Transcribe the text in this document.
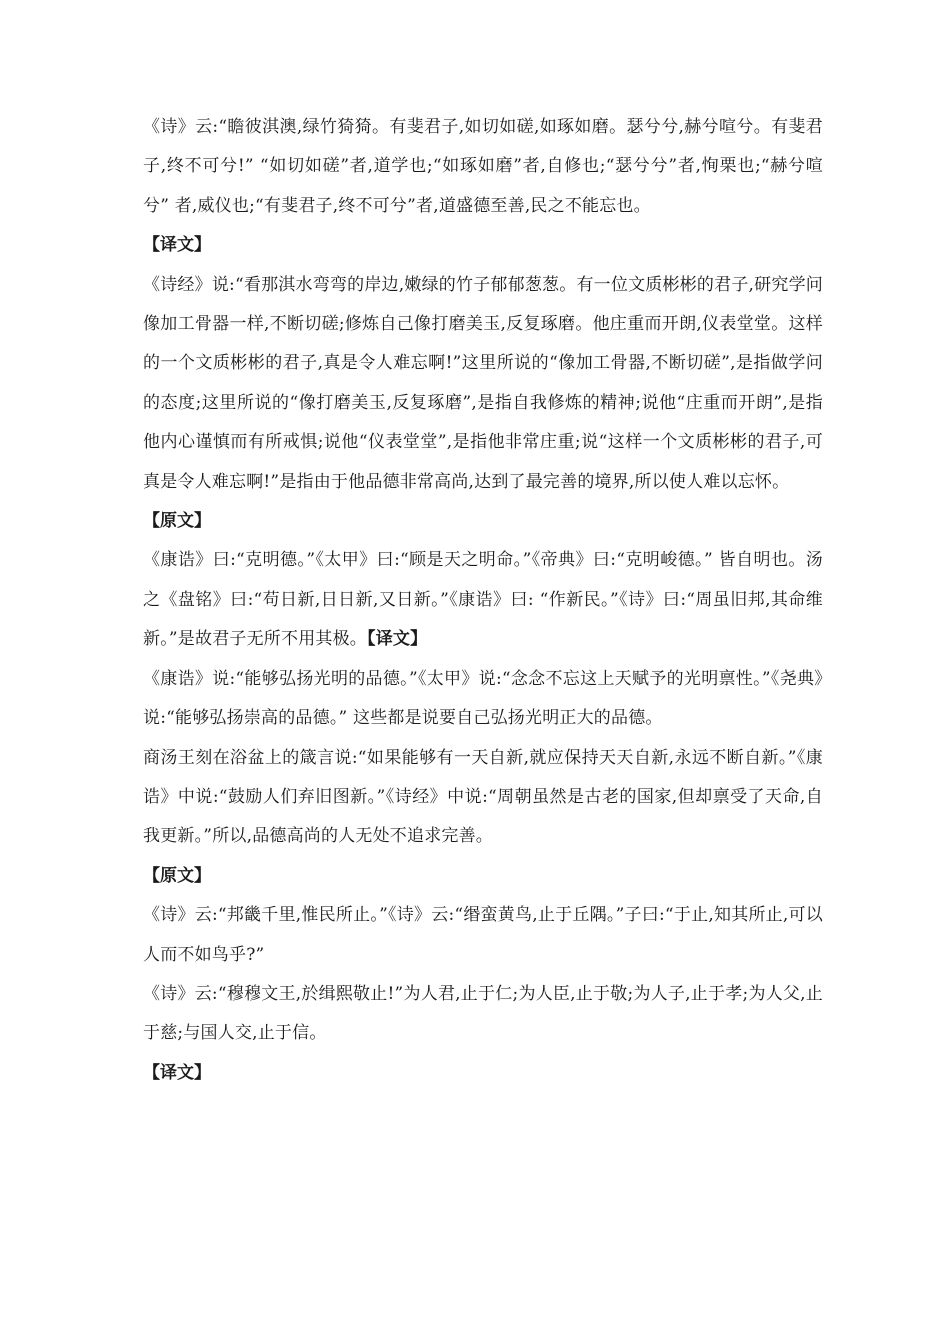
《诗》云:“瞻彼淇澳,绿竹猗猗。有斐君子,如切如磋,如琢如磨。瑟兮兮,赫兮喧兮。有斐君子,终不可兮!” “如切如磋”者,道学也;“如琢如磨”者,自修也;“瑟兮兮”者,恂栗也;“赫兮喧兮” 者,威仪也;“有斐君子,终不可兮”者,道盛德至善,民之不能忘也。

【译文】

《诗经》说:“看那淇水弯弯的岸边,嫩绿的竹子郁郁葱葱。有一位文质彬彬的君子,研究学问像加工骨器一样,不断切磋;修炼自己像打磨美玉,反复琢磨。他庄重而开朗,仪表堂堂。这样的一个文质彬彬的君子,真是令人难忘啊!”这里所说的“像加工骨器,不断切磋”,是指做学问的态度;这里所说的“像打磨美玉,反复琢磨”,是指自我修炼的精神;说他“庄重而开朗”,是指他内心谨慎而有所戒惧;说他“仪表堂堂”,是指他非常庄重;说“这样一个文质彬彬的君子,可真是令人难忘啊!”是指由于他品德非常高尚,达到了最完善的境界,所以使人难以忘怀。

【原文】

《康诰》曰:“克明德。”《太甲》曰:“顾是天之明命。”《帝典》曰:“克明峻德。” 皆自明也。汤之《盘铭》曰:“苟日新,日日新,又日新。”《康诰》曰: “作新民。”《诗》曰:“周虽旧邦,其命维新。”是故君子无所不用其极。【译文】

《康诰》说:“能够弘扬光明的品德。”《太甲》说:“念念不忘这上天赋予的光明禀性。”《尧典》说:“能够弘扬崇高的品德。” 这些都是说要自己弘扬光明正大的品德。

商汤王刻在浴盆上的箴言说:“如果能够有一天自新,就应保持天天自新,永远不断自新。”《康诰》中说:“鼓励人们弃旧图新。”《诗经》中说:“周朝虽然是古老的国家,但却禀受了天命,自我更新。”所以,品德高尚的人无处不追求完善。

【原文】

《诗》云:“邦畿千里,惟民所止。”《诗》云:“缗蛮黄鸟,止于丘隅。”子曰:“于止,知其所止,可以人而不如鸟乎?”

《诗》云:“穆穆文王,於缉熙敬止!”为人君,止于仁;为人臣,止于敬;为人子,止于孝;为人父,止于慈;与国人交,止于信。

【译文】
